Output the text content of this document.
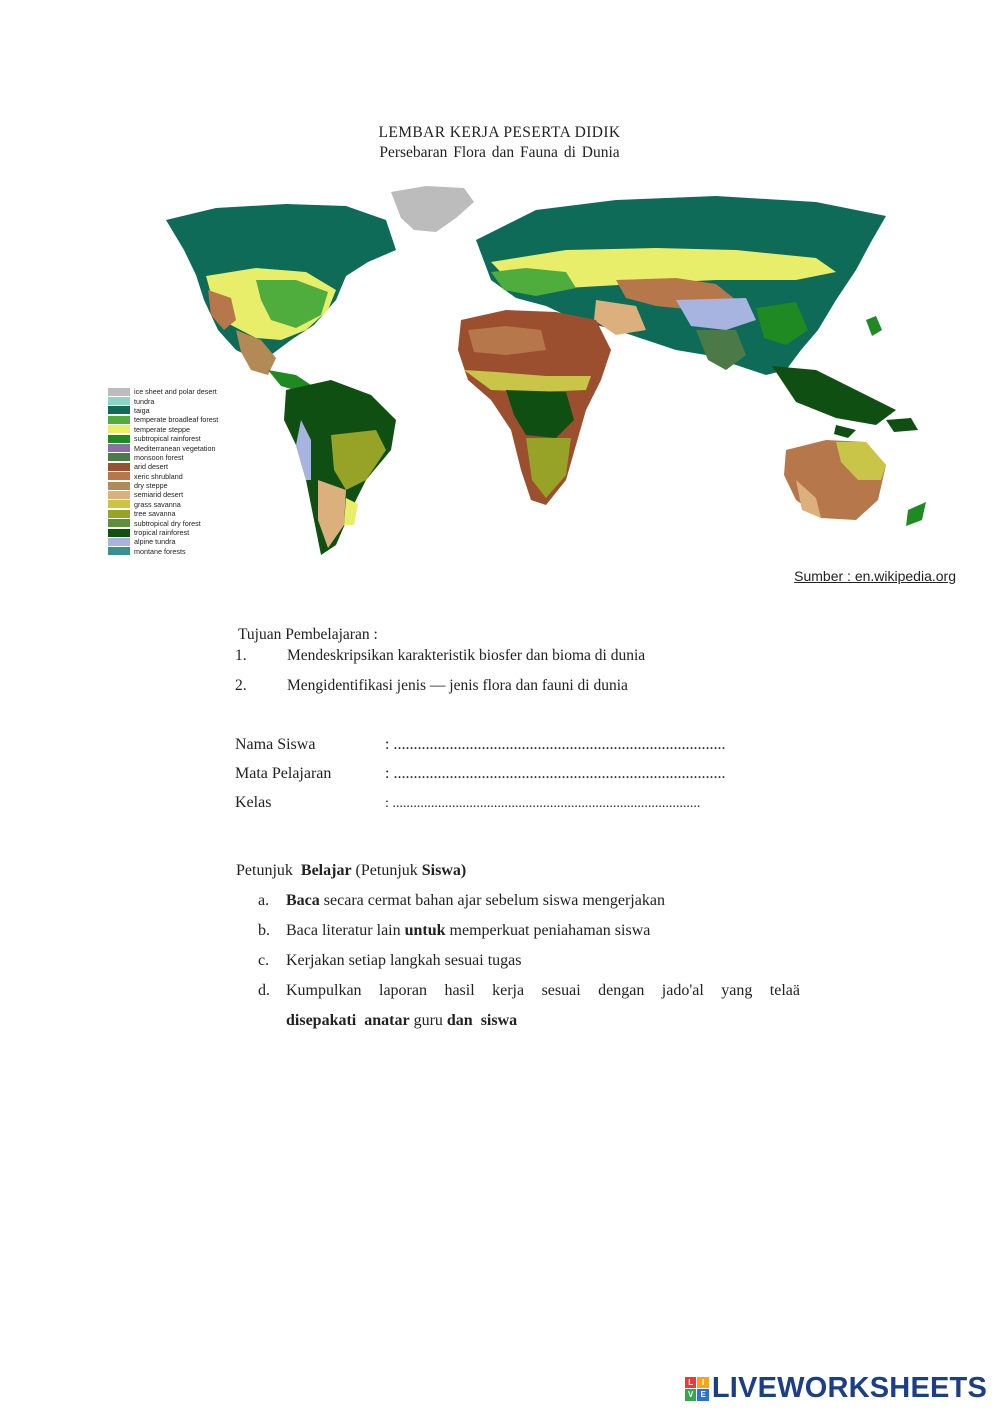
LEMBAR KERJA PESERTA DIDIK
Persebaran Flora dan Fauna di Dunia
ice sheet and polar desert
tundra
taiga
temperate broadleaf forest
temperate steppe
subtropical rainforest
Mediterranean vegetation
monsoon forest
arid desert
xeric shrubland
dry steppe
semiarid desert
grass savanna
tree savanna
subtropical dry forest
tropical rainforest
alpine tundra
montane forests
Sumber : en.wikipedia.org
Tujuan Pembelajaran :
1.	Mendeskripsikan karakteristik biosfer dan bioma di dunia
2.	Mengidentifikasi jenis — jenis flora dan fauni di dunia
Nama Siswa	: ...................................................................................
Mata Pelajaran	: ...................................................................................
Kelas	: ........................................................................................
Petunjuk Belajar (Petunjuk Siswa)
a. Baca secara cermat bahan ajar sebelum siswa mengerjakan
b. Baca literatur lain untuk memperkuat peniahaman siswa
c. Kerjakan setiap langkah sesuai tugas
d. Kumpulkan laporan hasil kerja sesuai dengan jado'al yang telaä
disepakati  anatar guru dan  siswa
L	I
V E LIVEWORKSHEETS
